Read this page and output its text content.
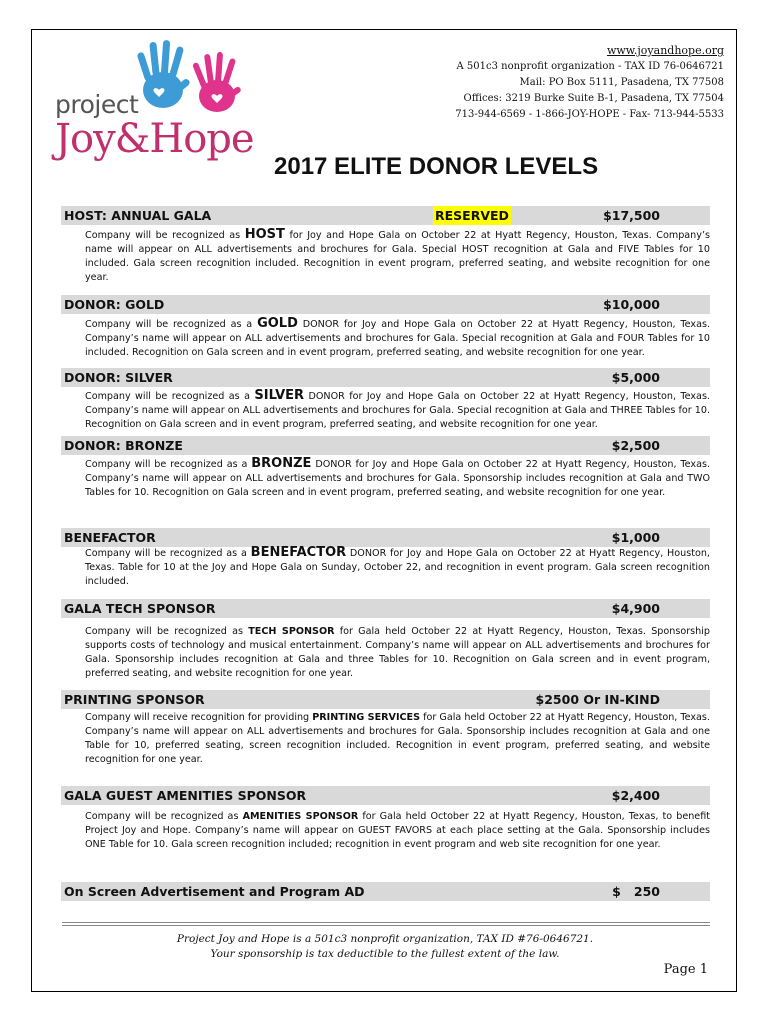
project
Joy&Hope
www.joyandhope.org
A 501c3 nonprofit organization - TAX ID 76-0646721
Mail: PO Box 5111, Pasadena, TX 77508
Offices: 3219 Burke Suite B-1, Pasadena, TX 77504
713-944-6569 - 1-866-JOY-HOPE - Fax- 713-944-5533
2017 ELITE DONOR LEVELS
HOST: ANNUAL GALA	RESERVED	$17,500
Company will be recognized as HOST for Joy and Hope Gala on October 22 at Hyatt Regency, Houston, Texas. Company’s name will appear on ALL advertisements and brochures for Gala. Special HOST recognition at Gala and FIVE Tables for 10 included. Gala screen recognition included. Recognition in event program, preferred seating, and website recognition for one year.
DONOR: GOLD	$10,000
Company will be recognized as a GOLD DONOR for Joy and Hope Gala on October 22 at Hyatt Regency, Houston, Texas. Company’s name will appear on ALL advertisements and brochures for Gala. Special recognition at Gala and FOUR Tables for 10 included. Recognition on Gala screen and in event program, preferred seating, and website recognition for one year.
DONOR: SILVER	$5,000
Company will be recognized as a SILVER DONOR for Joy and Hope Gala on October 22 at Hyatt Regency, Houston, Texas. Company’s name will appear on ALL advertisements and brochures for Gala. Special recognition at Gala and THREE Tables for 10. Recognition on Gala screen and in event program, preferred seating, and website recognition for one year.
DONOR: BRONZE	$2,500
Company will be recognized as a BRONZE DONOR for Joy and Hope Gala on October 22 at Hyatt Regency, Houston, Texas. Company’s name will appear on ALL advertisements and brochures for Gala. Sponsorship includes recognition at Gala and TWO Tables for 10. Recognition on Gala screen and in event program, preferred seating, and website recognition for one year.
BENEFACTOR	$1,000
Company will be recognized as a BENEFACTOR DONOR for Joy and Hope Gala on October 22 at Hyatt Regency, Houston, Texas. Table for 10 at the Joy and Hope Gala on Sunday, October 22, and recognition in event program. Gala screen recognition included.
GALA TECH SPONSOR	$4,900
Company will be recognized as TECH SPONSOR for Gala held October 22 at Hyatt Regency, Houston, Texas. Sponsorship supports costs of technology and musical entertainment. Company’s name will appear on ALL advertisements and brochures for Gala. Sponsorship includes recognition at Gala and three Tables for 10. Recognition on Gala screen and in event program, preferred seating, and website recognition for one year.
PRINTING SPONSOR	$2500 Or IN-KIND
Company will receive recognition for providing PRINTING SERVICES for Gala held October 22 at Hyatt Regency, Houston, Texas. Company’s name will appear on ALL advertisements and brochures for Gala. Sponsorship includes recognition at Gala and one Table for 10, preferred seating, screen recognition included. Recognition in event program, preferred seating, and website recognition for one year.
GALA GUEST AMENITIES SPONSOR	$2,400
Company will be recognized as AMENITIES SPONSOR for Gala held October 22 at Hyatt Regency, Houston, Texas, to benefit Project Joy and Hope. Company’s name will appear on GUEST FAVORS at each place setting at the Gala. Sponsorship includes ONE Table for 10. Gala screen recognition included; recognition in event program and web site recognition for one year.
On Screen Advertisement and Program AD	$   250
Project Joy and Hope is a 501c3 nonprofit organization, TAX ID #76-0646721.
Your sponsorship is tax deductible to the fullest extent of the law.
Page 1
